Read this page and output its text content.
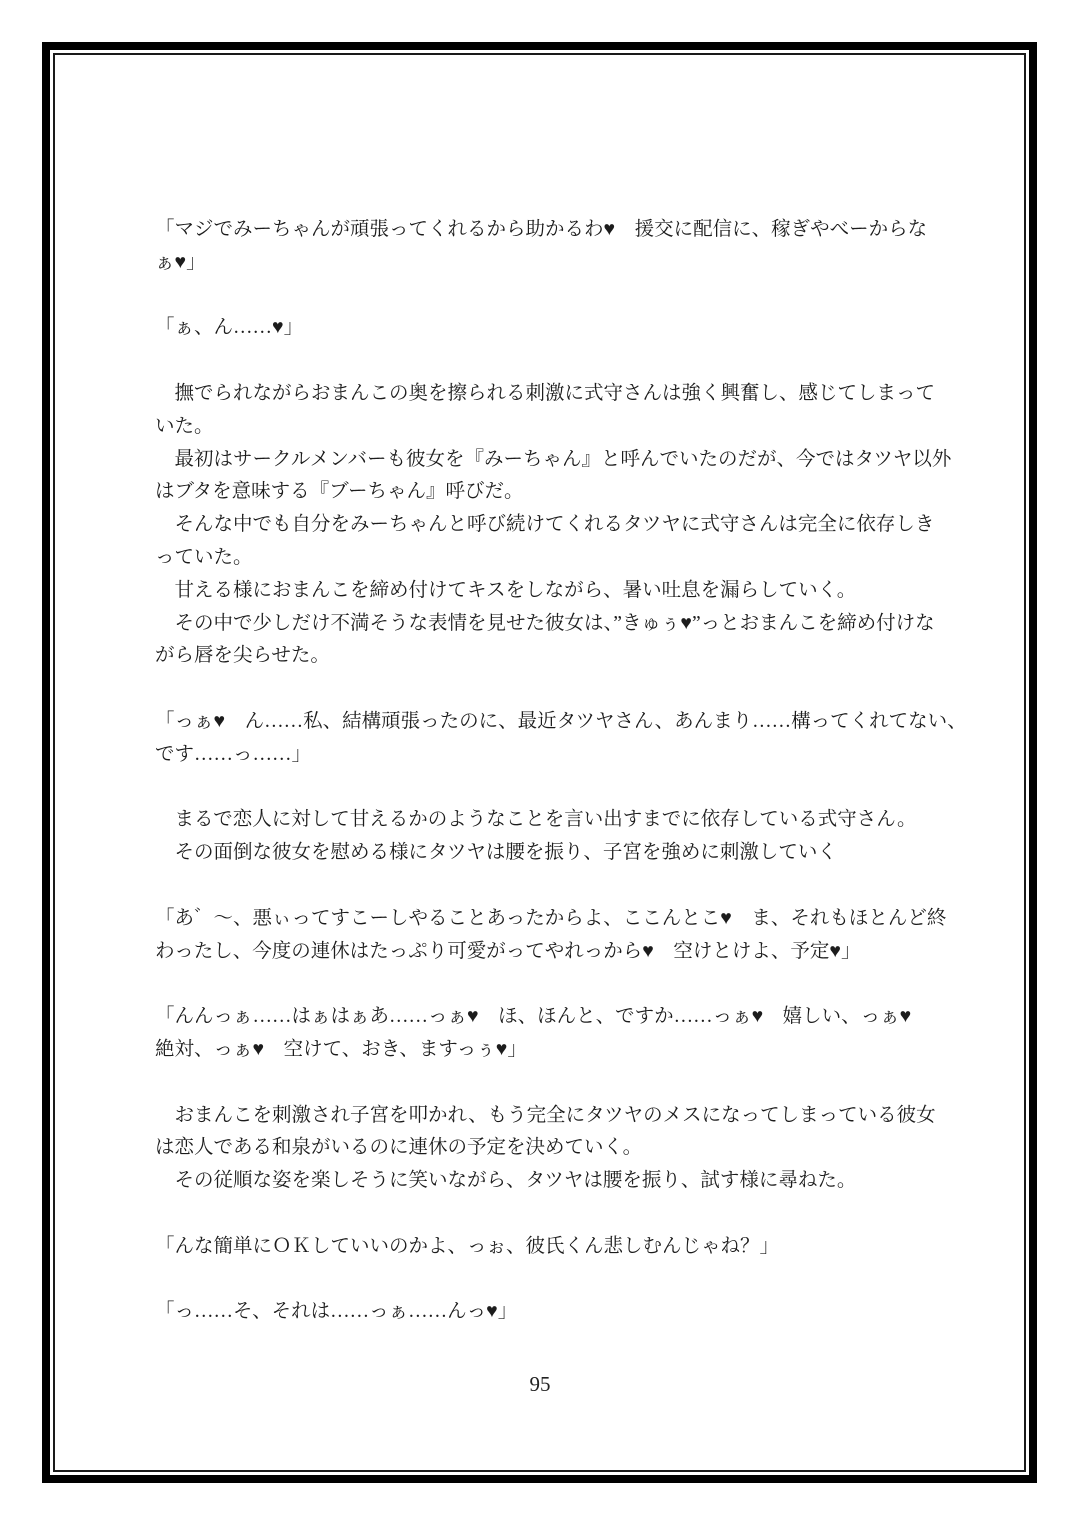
「マジでみーちゃんが頑張ってくれるから助かるわ♥　援交に配信に、稼ぎやべーからな
ぁ♥」
「ぁ、ん……♥」
　撫でられながらおまんこの奥を擦られる刺激に式守さんは強く興奮し、感じてしまって
いた。
　最初はサークルメンバーも彼女を『みーちゃん』と呼んでいたのだが、今ではタツヤ以外
はブタを意味する『ブーちゃん』呼びだ。
　そんな中でも自分をみーちゃんと呼び続けてくれるタツヤに式守さんは完全に依存しき
っていた。
　甘える様におまんこを締め付けてキスをしながら、暑い吐息を漏らしていく。
　その中で少しだけ不満そうな表情を見せた彼女は、”きゅぅ♥”っとおまんこを締め付けな
がら唇を尖らせた。
「っぁ♥　ん……私、結構頑張ったのに、最近タツヤさん、あんまり……構ってくれてない、
です……っ……」
　まるで恋人に対して甘えるかのようなことを言い出すまでに依存している式守さん。
　その面倒な彼女を慰める様にタツヤは腰を振り、子宮を強めに刺激していく
「あ゛～、悪ぃってすこーしやることあったからよ、ここんとこ♥　ま、それもほとんど終
わったし、今度の連休はたっぷり可愛がってやれっから♥　空けとけよ、予定♥」
「んんっぁ……はぁはぁあ……っぁ♥　ほ、ほんと、ですか……っぁ♥　嬉しい、っぁ♥
絶対、っぁ♥　空けて、おき、ますっぅ♥」
　おまんこを刺激され子宮を叩かれ、もう完全にタツヤのメスになってしまっている彼女
は恋人である和泉がいるのに連休の予定を決めていく。
　その従順な姿を楽しそうに笑いながら、タツヤは腰を振り、試す様に尋ねた。
「んな簡単にＯＫしていいのかよ、っぉ、彼氏くん悲しむんじゃね？」
「っ……そ、それは……っぁ……んっ♥」
95
